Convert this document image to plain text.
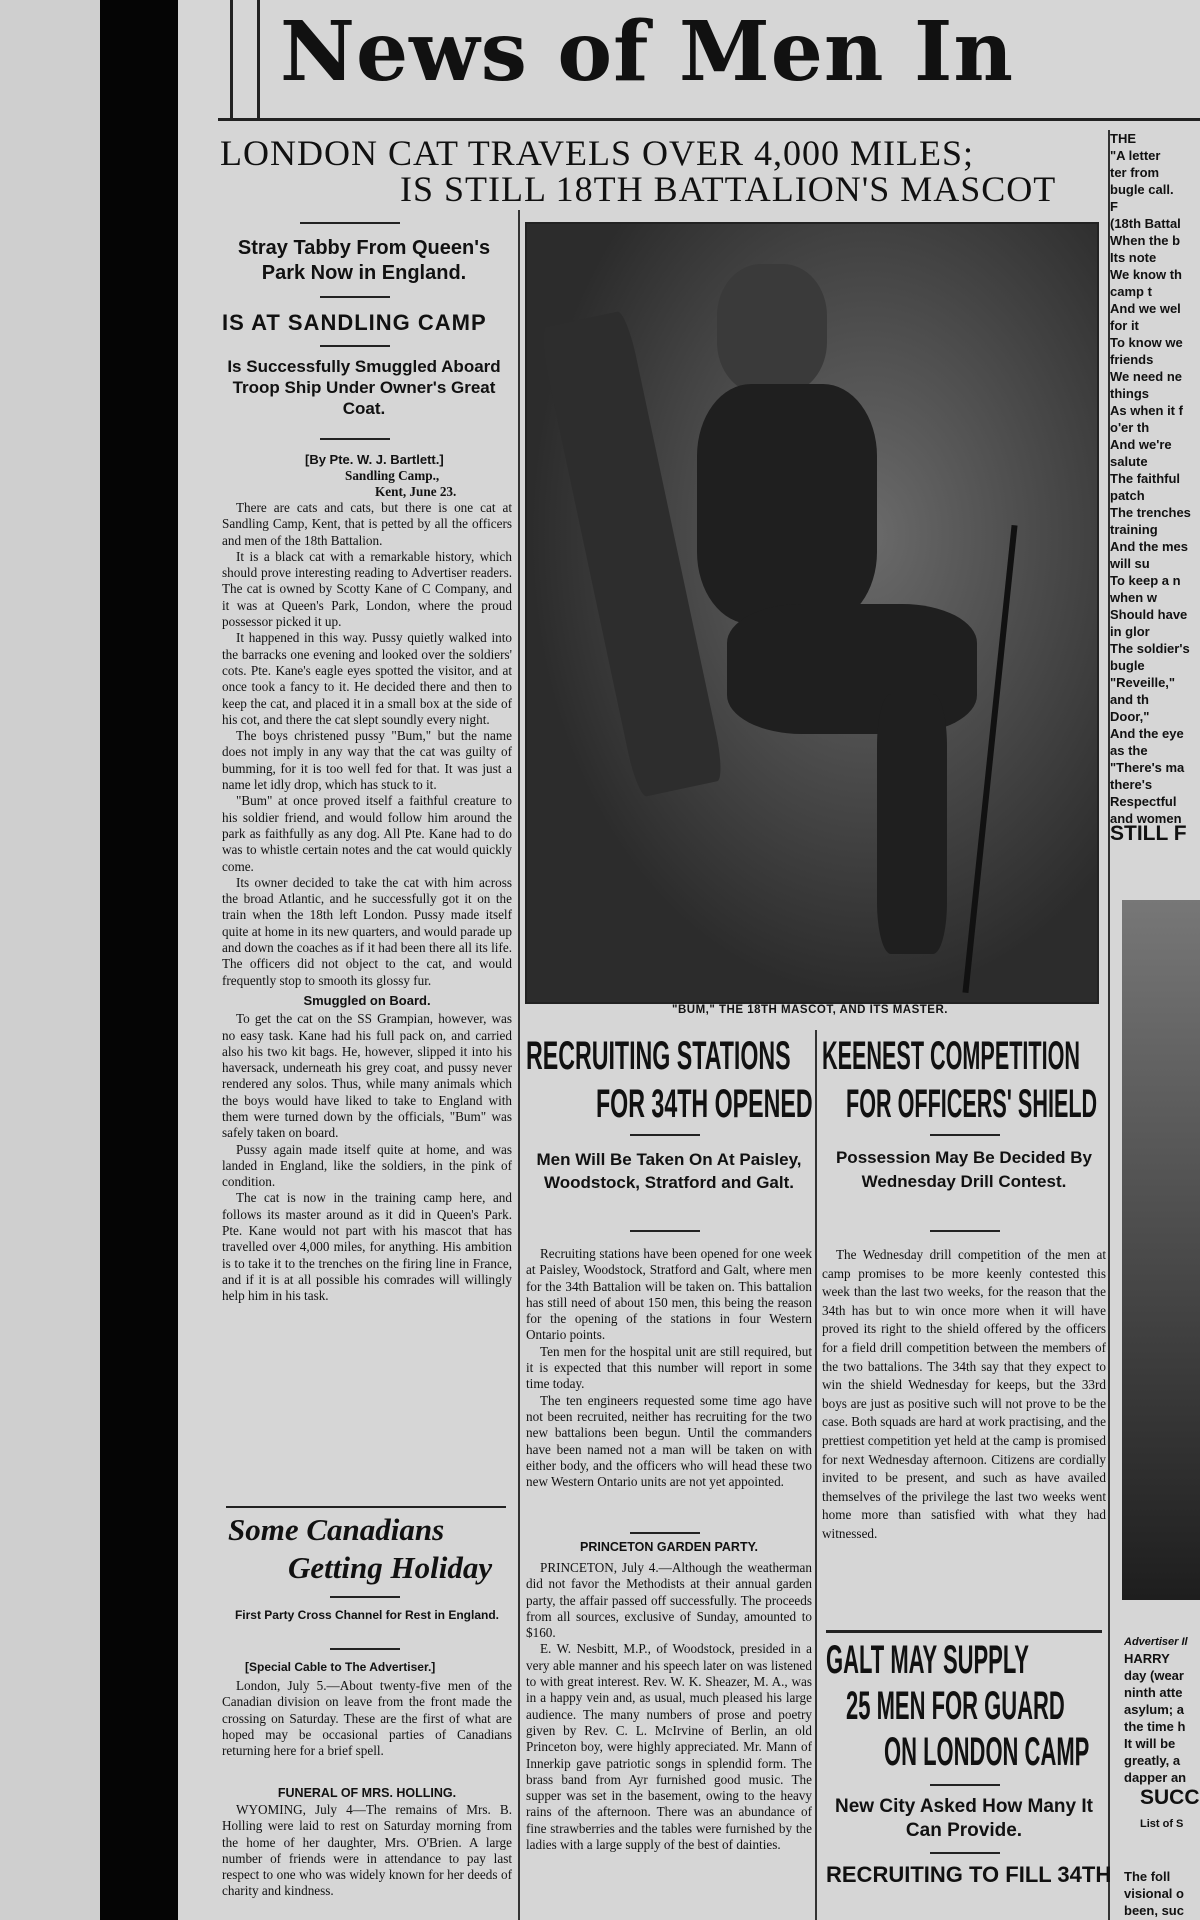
News of Men In
LONDON CAT TRAVELS OVER 4,000 MILES;
IS STILL 18TH BATTALION'S MASCOT
Stray Tabby From Queen's Park Now in England.
IS AT SANDLING CAMP
Is Successfully Smuggled Aboard Troop Ship Under Owner's Great Coat.
[By Pte. W. J. Bartlett.]
Sandling Camp.,
Kent, June 23.

There are cats and cats, but there is one cat at Sandling Camp, Kent, that is petted by all the officers and men of the 18th Battalion.

It is a black cat with a remarkable history, which should prove interesting reading to Advertiser readers. The cat is owned by Scotty Kane of C Company, and it was at Queen's Park, London, where the proud possessor picked it up.

It happened in this way. Pussy quietly walked into the barracks one evening and looked over the soldiers' cots. Pte. Kane's eagle eyes spotted the visitor, and at once took a fancy to it. He decided there and then to keep the cat, and placed it in a small box at the side of his cot, and there the cat slept soundly every night.

The boys christened pussy "Bum," but the name does not imply in any way that the cat was guilty of bumming, for it is too well fed for that. It was just a name let idly drop, which has stuck to it.

"Bum" at once proved itself a faithful creature to his soldier friend, and would follow him around the park as faithfully as any dog. All Pte. Kane had to do was to whistle certain notes and the cat would quickly come.

Its owner decided to take the cat with him across the broad Atlantic, and he successfully got it on the train when the 18th left London. Pussy made itself quite at home in its new quarters, and would parade up and down the coaches as if it had been there all its life. The officers did not object to the cat, and would frequently stop to smooth its glossy fur.

Smuggled on Board.

To get the cat on the SS Grampian, however, was no easy task. Kane had his full pack on, and carried also his two kit bags. He, however, slipped it into his haversack, underneath his grey coat, and pussy never rendered any solos. Thus, while many animals which the boys would have liked to take to England with them were turned down by the officials, "Bum" was safely taken on board.

Pussy again made itself quite at home, and was landed in England, like the soldiers, in the pink of condition.

The cat is now in the training camp here, and follows its master around as it did in Queen's Park. Pte. Kane would not part with his mascot that has travelled over 4,000 miles, for anything. His ambition is to take it to the trenches on the firing line in France, and if it is at all possible his comrades will willingly help him in his task.

Some Canadians
Getting Holiday
First Party Cross Channel for Rest in England.
[Special Cable to The Advertiser.]

London, July 5.—About twenty-five men of the Canadian division on leave from the front made the crossing on Saturday. These are the first of what are hoped may be occasional parties of Canadians returning here for a brief spell.

FUNERAL OF MRS. HOLLING.

WYOMING, July 4—The remains of Mrs. B. Holling were laid to rest on Saturday morning from the home of her daughter, Mrs. O'Brien. A large number of friends were in attendance to pay last respect to one who was widely known for her deeds of charity and kindness.

"BUM," THE 18TH MASCOT, AND ITS MASTER.
RECRUITING STATIONS
FOR 34TH OPENED
Men Will Be Taken On At Paisley, Woodstock, Stratford and Galt.

Recruiting stations have been opened for one week at Paisley, Woodstock, Stratford and Galt, where men for the 34th Battalion will be taken on. This battalion has still need of about 150 men, this being the reason for the opening of the stations in four Western Ontario points.

Ten men for the hospital unit are still required, but it is expected that this number will report in some time today.

The ten engineers requested some time ago have not been recruited, neither has recruiting for the two new battalions been begun. Until the commanders have been named not a man will be taken on with either body, and the officers who will head these two new Western Ontario units are not yet appointed.

PRINCETON GARDEN PARTY.

PRINCETON, July 4.—Although the weatherman did not favor the Methodists at their annual garden party, the affair passed off successfully. The proceeds from all sources, exclusive of Sunday, amounted to $160.

E. W. Nesbitt, M.P., of Woodstock, presided in a very able manner and his speech later on was listened to with great interest. Rev. W. K. Sheazer, M. A., was in a happy vein and, as usual, much pleased his large audience. The many numbers of prose and poetry given by Rev. C. L. McIrvine of Berlin, an old Princeton boy, were highly appreciated. Mr. Mann of Innerkip gave patriotic songs in splendid form. The brass band from Ayr furnished good music. The supper was set in the basement, owing to the heavy rains of the afternoon. There was an abundance of fine strawberries and the tables were furnished by the ladies with a large supply of the best of dainties.

KEENEST COMPETITION
FOR OFFICERS' SHIELD
Possession May Be Decided By Wednesday Drill Contest.

The Wednesday drill competition of the men at camp promises to be more keenly contested this week than the last two weeks, for the reason that the 34th has but to win once more when it will have proved its right to the shield offered by the officers for a field drill competition between the members of the two battalions. The 34th say that they expect to win the shield Wednesday for keeps, but the 33rd boys are just as positive such will not prove to be the case. Both squads are hard at work practising, and the prettiest competition yet held at the camp is promised for next Wednesday afternoon. Citizens are cordially invited to be present, and such as have availed themselves of the privilege the last two weeks went home more than satisfied with what they had witnessed.

GALT MAY SUPPLY
25 MEN FOR GUARD
ON LONDON CAMP
New City Asked How Many It Can Provide.
RECRUITING TO FILL 34TH
THE
"A letter
ter from
bugle call.
F
(18th Battal
When the b
Its note
We know th
camp t
And we wel
for it
To know we
friends
We need ne
things
As when it f
o'er th
And we're
salute
The faithful
patch
The trenches
training
And the mes
will su
To keep a n
when w
Should have
in glor
The soldier's
bugle
"Reveille,"
and th
Door,"
And the eye
as the
"There's ma
there's
Respectful
and women
STILL F
Advertiser Il
HARRY
day (wear
ninth atte
asylum; a
the time h
It will be
greatly, a
dapper an
SUCC
List of S
The foll
visional o
been, suc
